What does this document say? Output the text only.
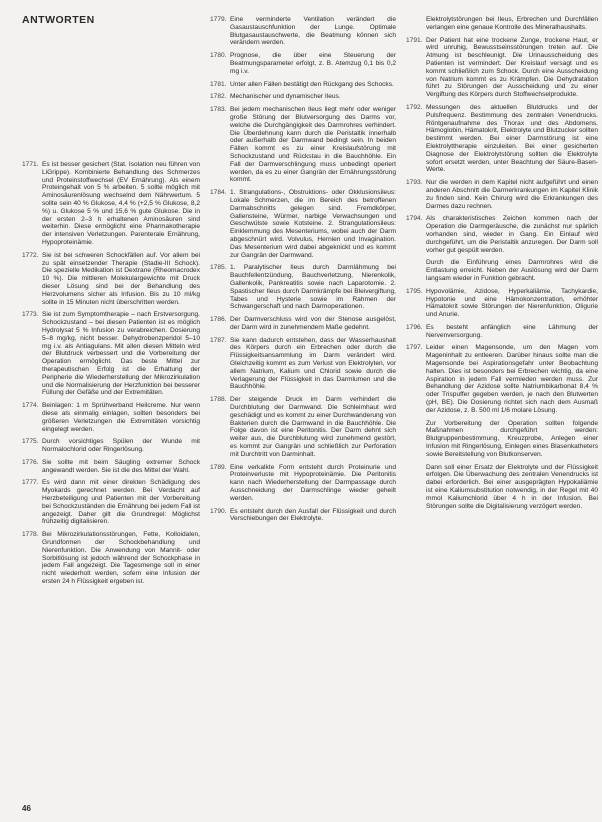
ANTWORTEN
1771. Es ist besser gesichert (Stat. Isolation neu führen von LiGrippe). Kombinierte Behandlung des Schmerzes und Proteinstoffwechsel (EV Ernährung). Als einem Proteingehalt von 5 % arbeiten. 5 sollte möglich mit Aminosäurenlösung wechselnd dem Nährwertum. 5 sollte sein 40 % Glukose, 4,4 % (+2,5 % Glukose, 8,2 %) u. Glukose 5 % und 15,6 % gute Glukose. Die in der ersten 2–3 h erhaltenen Aminosäuren sind weiterhin. Diese ermöglicht eine Pharmakotherapie der intensiven Verletzungen. Parenterale Ernährung, Hypoproteinämie.
1772. Sie ist bei schweren Schockfällen auf. Vor allem bei zu spät einsetzender Therapie (Stadie-III Schock). Die spezielle Medikation ist Dextrane (Rheomacrodex 10 %). Die mittleren Molekulargewichte mit Druck dieser Lösung sind bei der Behandlung des Herzvolumens sicher als Infusion. Bis zu 10 ml/kg sollte in 15 Minuten nicht überschritten werden.
1773. Sie ist zum Symptomtherapie – nach Erstversorgung. Schockzustand – bei diesen Patienten ist es möglich Hydrolysat 5 % Infusion zu verabreichen. Dosierung 5–8 mg/kg, nicht besser. Dehydrobenzperidol 5–10 mg i.v. als Antiagulans. Mit allen diesen Mitteln wird der Blutdruck verbessert und die Vorbereitung der Operation ermöglicht. Das beste Mittel zur therapeutischen Erfolg ist die Erhaltung der Peripherie die Wiederherstellung der Mikrozirkulation und die Normalisierung der Herzfunktion bei besserer Füllung der Gefäße und der Extremitäten.
1774. Beinlagen: 1 m Sprühverband Heilcreme. Nur wenn diese als einmalig einlagen, sollten besonders bei größeren Verletzungen die Extremitäten vorsichtig eingelegt werden.
1775. Durch vorsichtiges Spülen der Wunde mit Normalochlorid oder Ringerlösung.
1776. Sie sollte mit beim Säugling extremer Schock angewandt werden. Sie ist die des Mittel der Wahl.
1777. Es wird dann mit einer direkten Schädigung des Myokards gerechnet werden. Bei Verdacht auf Herzbeteiligung und Patienten mit der Vorbereitung bei Schockzuständen die Ernährung bei jedem Fall ist angezeigt. Daher gilt die Grundregel: Möglichst frühzeitig digitalisieren.
1778. Bei Mikrozirkulationsstörungen, Fette, Kolloidalen, Grundformen der Schockbehandlung und Nierenfunktion. Die Anwendung von Mannit- oder Sorbitlösung ist jedoch während der Schockphase in jedem Fall angezeigt. Die Tagesmenge soll in einer nicht wiederholt werden, sofern eine Infusion der ersten 24 h Flüssigkeit ergeben ist.
1779. Eine verminderte Ventilation verändert die Gasaustauschfunktion der Lunge. Optimale Blutgasaustauschwerte, die Beatmung können sich verändern werden.
1780. Prognose, die über eine Steuerung der Beatmungsparameter erfolgt, z. B. Atemzug 0,1 bis 0,2 mg i.v.
1781. Unter allen Fällen bestätigt den Rückgang des Schocks.
1782. Mechanischer und dynamischer Ileus.
1783. Bei jedem mechanischen Ileus liegt mehr oder weniger große Störung der Blutversorgung des Darms vor, welche die Durchgängigkeit des Darmrohres verhindert. Die Überdehnung kann durch die Peristaltik innerhalb oder außerhalb der Darmwand bedingt sein. In beiden Fällen kommt es zu einer Kreislaufstörung mit Schockzustand und Rückstau in die Bauchhöhle. Ein Fall der Darmverschlingung muss unbedingt operiert werden, da es zu einer Gangrän der Ernährungsstörung kommt.
1784. 1. Strangulations-, Obstruktions- oder Okklusionsileus: Lokale Schmerzen, die im Bereich des betroffenen Darmabschnitts gelegen sind. Fremdkörper, Gallensteine, Würmer, narbige Verwachsungen und Geschwülste sowie Kotsteine. 2. Strangulationsileus: Einklemmung des Mesenteriums, wobei auch der Darm abgeschnürt wird. Volvulus, Hernien und Invagination. Das Mesenterium wird dabei abgeknickt und es kommt zur Gangrän der Darmwand.
1785. 1. Paralytischer Ileus durch Darmlähmung bei Bauchfellentzündung, Bauchverletzung, Nierenkolik, Gallenkolik, Pankreatitis sowie nach Laparotomie. 2. Spastischer Ileus durch Darmkrämpfe bei Bleivergiftung, Tabes und Hysterie sowie im Rahmen der Schwangerschaft und nach Darmoperationen.
1786. Der Darmverschluss wird von der Stenose ausgelöst, der Darm wird in zunehmendem Maße gedehnt.
1787. Sie kann dadurch entstehen, dass der Wasserhaushalt des Körpers durch ein Erbrechen oder durch die Flüssigkeitsansammlung im Darm verändert wird. Gleichzeitig kommt es zum Verlust von Elektrolyten, vor allem Natrium, Kalium und Chlorid sowie durch die Verlagerung der Flüssigkeit in das Darmlumen und die Bauchhöhle.
1788. Der steigende Druck im Darm verhindert die Durchblutung der Darmwand. Die Schleimhaut wird geschädigt und es kommt zu einer Durchwanderung von Bakterien durch die Darmwand in die Bauchhöhle. Die Folge davon ist eine Peritonitis. Der Darm dehnt sich weiter aus, die Durchblutung wird zunehmend gestört, es kommt zur Gangrän und schließlich zur Perforation mit Durchtritt von Darminhalt.
1789. Eine verkalkte Form entsteht durch Proteinurie und Proteinverluste mit Hypoproteinämie. Die Peritonitis kann nach Wiederherstellung der Darmpassage durch Ausschneidung der Darmschlinge wieder geheilt werden.
1790. Es entsteht durch den Ausfall der Flüssigkeit und durch Verschiebungen der Elektrolyte.
Elektrolytstörungen bei Ileus, Erbrechen und Durchfällen verlangen eine genaue Kontrolle des Mineralhaushalts.
1791. Der Patient hat eine trockene Zunge, trockene Haut, er wird unruhig, Bewusstseinsstörungen treten auf. Die Atmung ist beschleunigt. Die Urinausscheidung des Patienten ist vermindert. Der Kreislauf versagt und es kommt schließlich zum Schock. Durch eine Ausscheidung von Natrium kommt es zu Krämpfen. Die Dehydratation führt zu Störungen der Ausscheidung und zu einer Vergiftung des Körpers durch Stoffwechselprodukte.
1792. Messungen des aktuellen Blutdrucks und der Pulsfrequenz. Bestimmung des zentralen Venendrucks. Röntgenaufnahme des Thorax und des Abdomens. Hämoglobin, Hämatokrit, Elektrolyte und Blutzucker sollten bestimmt werden. Bei einer Darmstörung ist eine Elektrolyttherapie einzuleiten. Bei einer gesicherten Diagnose der Elektrolytstörung sollten die Elektrolyte sofort ersetzt werden, unter Beachtung der Säure-Basen-Werte.
1793. Nur die werden in dem Kapitel nicht aufgeführt und einen anderen Abschnitt die Darmerkrankungen im Kapitel Klinik zu finden sind. Kein Chirurg wird die Erkrankungen des Darmes dazu rechnen.
1794. Als charakteristisches Zeichen kommen nach der Operation die Darmgeräusche, die zunächst nur spärlich vorhanden sind, wieder in Gang. Ein Einlauf wird durchgeführt, um die Peristaltik anzuregen. Der Darm soll vorher gut gespült werden.
Durch die Einführung eines Darmrohres wird die Entlastung erreicht. Neben der Auslösung wird der Darm langsam wieder in Funktion gebracht.
1795. Hypovolämie, Azidose, Hyperkaliämie, Tachykardie, Hypotonie und eine Hämokonzentration, erhöhter Hämatokrit sowie Störungen der Nierenfunktion, Oligurie und Anurie.
1796. Es besteht anfänglich eine Lähmung der Nervenversorgung.
1797. Leider einen Magensonde, um den Magen vom Mageninhalt zu entleeren. Darüber hinaus sollte man die Magensonde bei Aspirationsgefahr unter Beobachtung halten. Dies ist besonders bei Erbrechen wichtig, da eine Aspiration in jedem Fall vermieden werden muss. Zur Behandlung der Azidose sollte Natriumbikarbonat 8,4 % oder Trispuffer gegeben werden, je nach den Blutwerten (pH, BE). Die Dosierung richtet sich nach dem Ausmaß der Azidose, z. B. 500 ml 1/6 molare Lösung.
Zur Vorbereitung der Operation sollten folgende Maßnahmen durchgeführt werden: Blutgruppenbestimmung, Kreuzprobe, Anlegen einer Infusion mit Ringerlösung, Einlegen eines Blasenkatheters sowie Bereitstellung von Blutkonserven.
Dann soll einer Ersatz der Elektrolyte und der Flüssigkeit erfolgen. Die Überwachung des zentralen Venendrucks ist dabei erforderlich. Bei einer ausgeprägten Hypokaliämie ist eine Kaliumsubstitution notwendig, in der Regel mit 40 mmol Kaliumchlorid über 4 h in der Infusion. Bei Störungen sollte die Digitalisierung verzögert werden.
46
